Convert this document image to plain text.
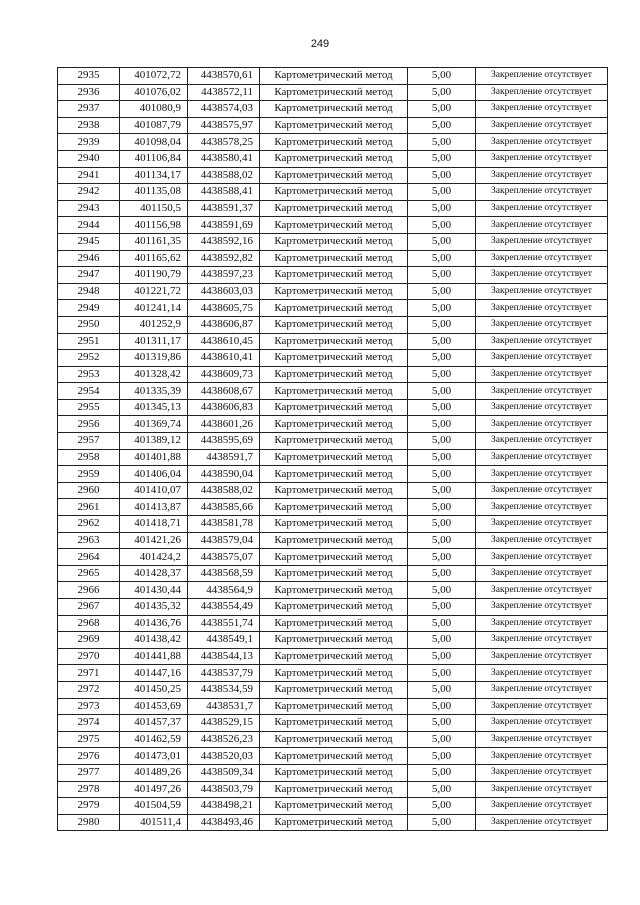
249
2935	401072,72	4438570,61	Картометрический метод	5,00	Закрепление отсутствует
2936	401076,02	4438572,11	Картометрический метод	5,00	Закрепление отсутствует
2937	401080,9	4438574,03	Картометрический метод	5,00	Закрепление отсутствует
2938	401087,79	4438575,97	Картометрический метод	5,00	Закрепление отсутствует
2939	401098,04	4438578,25	Картометрический метод	5,00	Закрепление отсутствует
2940	401106,84	4438580,41	Картометрический метод	5,00	Закрепление отсутствует
2941	401134,17	4438588,02	Картометрический метод	5,00	Закрепление отсутствует
2942	401135,08	4438588,41	Картометрический метод	5,00	Закрепление отсутствует
2943	401150,5	4438591,37	Картометрический метод	5,00	Закрепление отсутствует
2944	401156,98	4438591,69	Картометрический метод	5,00	Закрепление отсутствует
2945	401161,35	4438592,16	Картометрический метод	5,00	Закрепление отсутствует
2946	401165,62	4438592,82	Картометрический метод	5,00	Закрепление отсутствует
2947	401190,79	4438597,23	Картометрический метод	5,00	Закрепление отсутствует
2948	401221,72	4438603,03	Картометрический метод	5,00	Закрепление отсутствует
2949	401241,14	4438605,75	Картометрический метод	5,00	Закрепление отсутствует
2950	401252,9	4438606,87	Картометрический метод	5,00	Закрепление отсутствует
2951	401311,17	4438610,45	Картометрический метод	5,00	Закрепление отсутствует
2952	401319,86	4438610,41	Картометрический метод	5,00	Закрепление отсутствует
2953	401328,42	4438609,73	Картометрический метод	5,00	Закрепление отсутствует
2954	401335,39	4438608,67	Картометрический метод	5,00	Закрепление отсутствует
2955	401345,13	4438606,83	Картометрический метод	5,00	Закрепление отсутствует
2956	401369,74	4438601,26	Картометрический метод	5,00	Закрепление отсутствует
2957	401389,12	4438595,69	Картометрический метод	5,00	Закрепление отсутствует
2958	401401,88	4438591,7	Картометрический метод	5,00	Закрепление отсутствует
2959	401406,04	4438590,04	Картометрический метод	5,00	Закрепление отсутствует
2960	401410,07	4438588,02	Картометрический метод	5,00	Закрепление отсутствует
2961	401413,87	4438585,66	Картометрический метод	5,00	Закрепление отсутствует
2962	401418,71	4438581,78	Картометрический метод	5,00	Закрепление отсутствует
2963	401421,26	4438579,04	Картометрический метод	5,00	Закрепление отсутствует
2964	401424,2	4438575,07	Картометрический метод	5,00	Закрепление отсутствует
2965	401428,37	4438568,59	Картометрический метод	5,00	Закрепление отсутствует
2966	401430,44	4438564,9	Картометрический метод	5,00	Закрепление отсутствует
2967	401435,32	4438554,49	Картометрический метод	5,00	Закрепление отсутствует
2968	401436,76	4438551,74	Картометрический метод	5,00	Закрепление отсутствует
2969	401438,42	4438549,1	Картометрический метод	5,00	Закрепление отсутствует
2970	401441,88	4438544,13	Картометрический метод	5,00	Закрепление отсутствует
2971	401447,16	4438537,79	Картометрический метод	5,00	Закрепление отсутствует
2972	401450,25	4438534,59	Картометрический метод	5,00	Закрепление отсутствует
2973	401453,69	4438531,7	Картометрический метод	5,00	Закрепление отсутствует
2974	401457,37	4438529,15	Картометрический метод	5,00	Закрепление отсутствует
2975	401462,59	4438526,23	Картометрический метод	5,00	Закрепление отсутствует
2976	401473,01	4438520,03	Картометрический метод	5,00	Закрепление отсутствует
2977	401489,26	4438509,34	Картометрический метод	5,00	Закрепление отсутствует
2978	401497,26	4438503,79	Картометрический метод	5,00	Закрепление отсутствует
2979	401504,59	4438498,21	Картометрический метод	5,00	Закрепление отсутствует
2980	401511,4	4438493,46	Картометрический метод	5,00	Закрепление отсутствует
